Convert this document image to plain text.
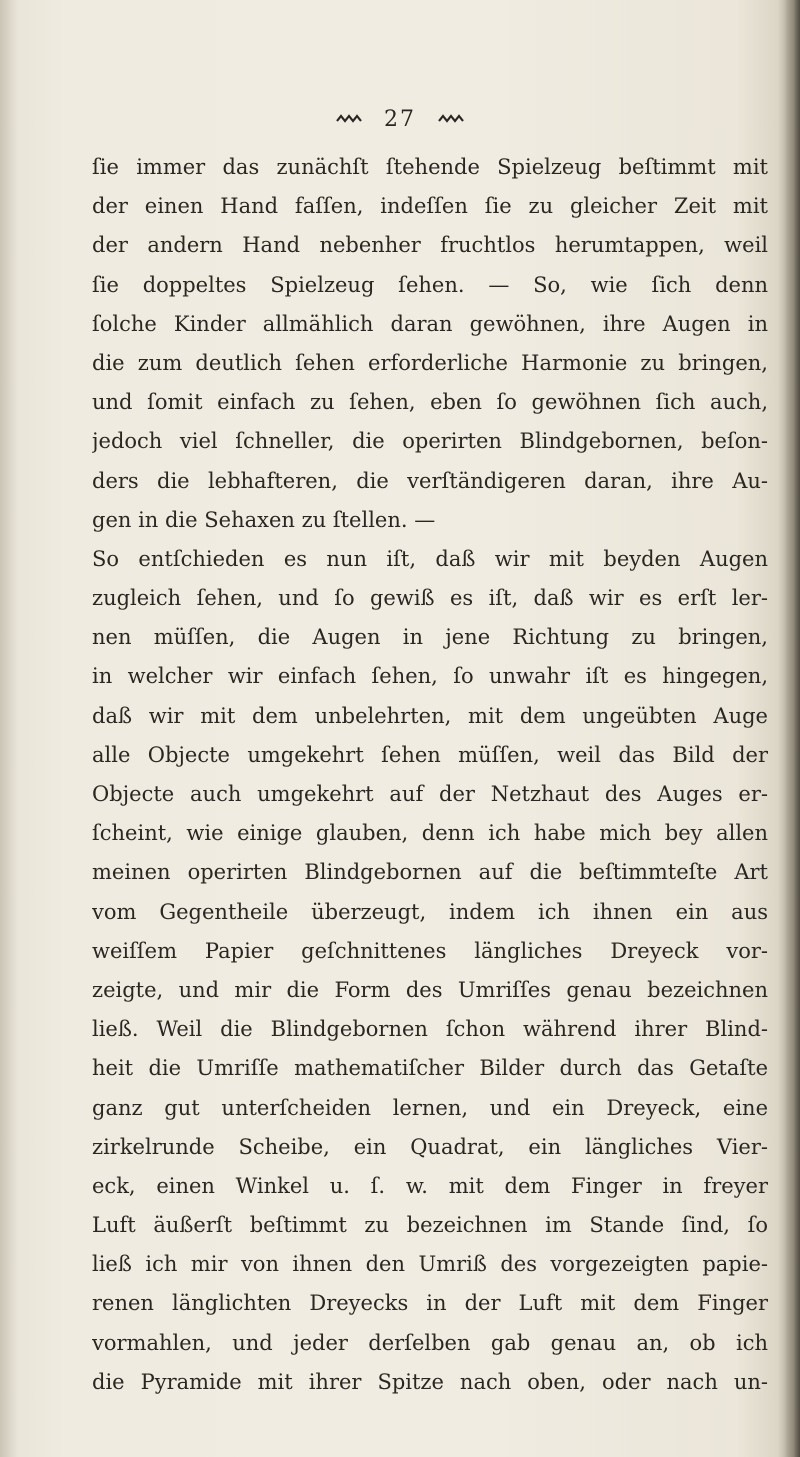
27
ſie immer das zunächſt ſtehende Spielzeug beſtimmt mit
der einen Hand faſſen, indeſſen ſie zu gleicher Zeit mit
der andern Hand nebenher fruchtlos herumtappen, weil
ſie doppeltes Spielzeug ſehen. — So, wie ſich denn
ſolche Kinder allmählich daran gewöhnen, ihre Augen in
die zum deutlich ſehen erforderliche Harmonie zu bringen,
und ſomit einfach zu ſehen, eben ſo gewöhnen ſich auch,
jedoch viel ſchneller, die operirten Blindgebornen, beſon-
ders die lebhafteren, die verſtändigeren daran, ihre Au-
gen in die Sehaxen zu ſtellen. —
So entſchieden es nun iſt, daß wir mit beyden Augen
zugleich ſehen, und ſo gewiß es iſt, daß wir es erſt ler-
nen müſſen, die Augen in jene Richtung zu bringen,
in welcher wir einfach ſehen, ſo unwahr iſt es hingegen,
daß wir mit dem unbelehrten, mit dem ungeübten Auge
alle Objecte umgekehrt ſehen müſſen, weil das Bild der
Objecte auch umgekehrt auf der Netzhaut des Auges er-
ſcheint, wie einige glauben, denn ich habe mich bey allen
meinen operirten Blindgebornen auf die beſtimmteſte Art
vom Gegentheile überzeugt, indem ich ihnen ein aus
weiſſem Papier geſchnittenes längliches Dreyeck vor-
zeigte, und mir die Form des Umriſſes genau bezeichnen
ließ. Weil die Blindgebornen ſchon während ihrer Blind-
heit die Umriſſe mathematiſcher Bilder durch das Getaſte
ganz gut unterſcheiden lernen, und ein Dreyeck, eine
zirkelrunde Scheibe, ein Quadrat, ein längliches Vier-
eck, einen Winkel u. ſ. w. mit dem Finger in freyer
Luft äußerſt beſtimmt zu bezeichnen im Stande ſind, ſo
ließ ich mir von ihnen den Umriß des vorgezeigten papie-
renen länglichten Dreyecks in der Luft mit dem Finger
vormahlen, und jeder derſelben gab genau an, ob ich
die Pyramide mit ihrer Spitze nach oben, oder nach un-
